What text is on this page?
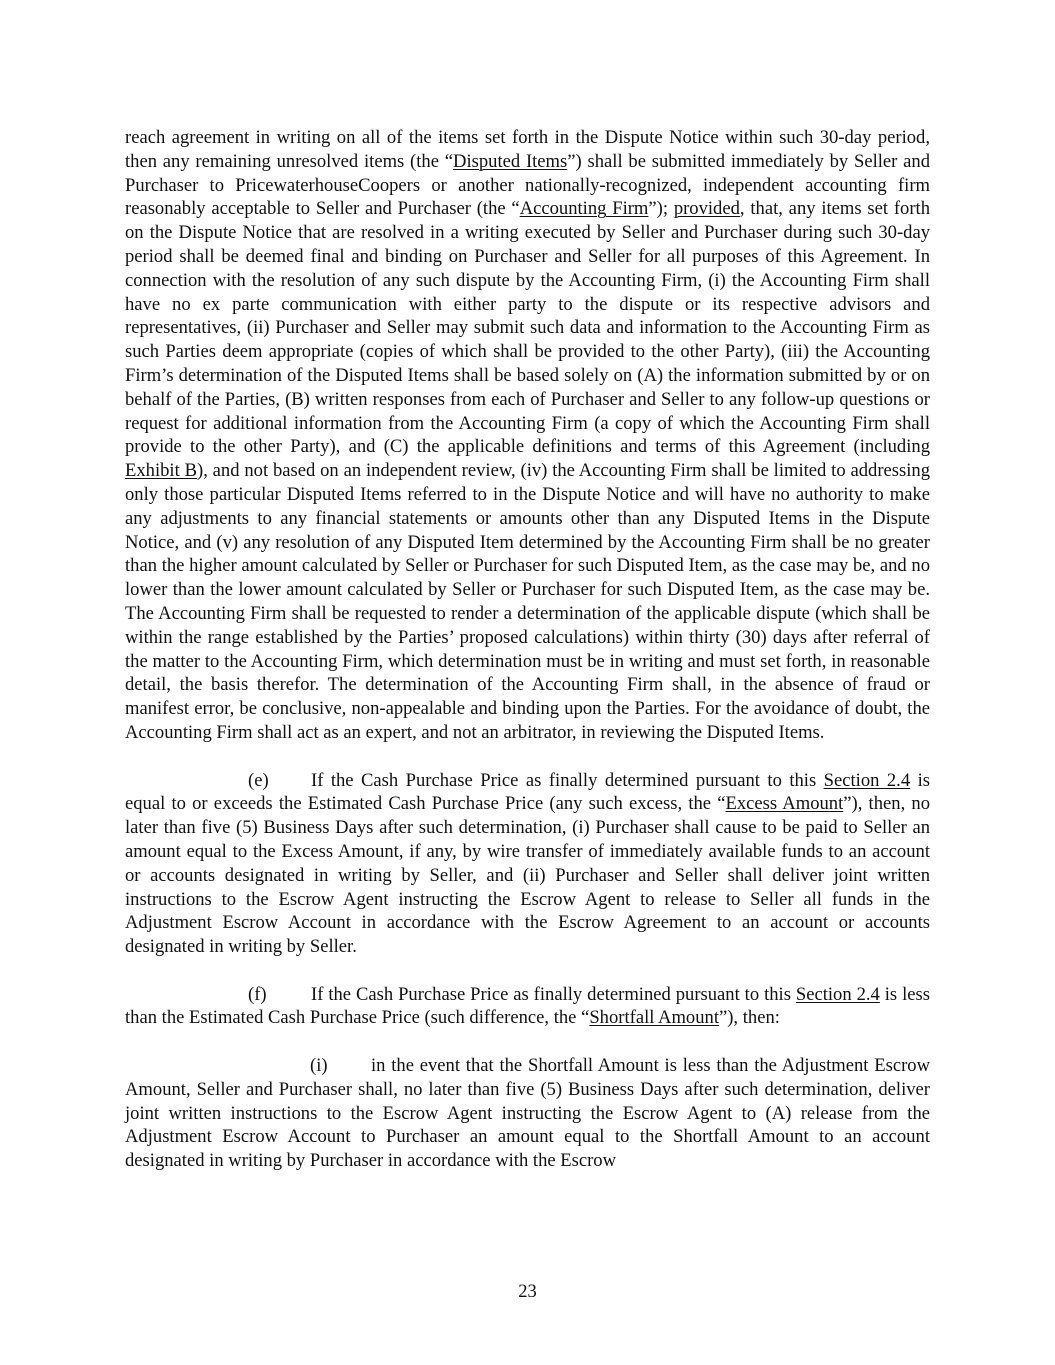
reach agreement in writing on all of the items set forth in the Dispute Notice within such 30-day period, then any remaining unresolved items (the “Disputed Items”) shall be submitted immediately by Seller and Purchaser to PricewaterhouseCoopers or another nationally-recognized, independent accounting firm reasonably acceptable to Seller and Purchaser (the “Accounting Firm”); provided, that, any items set forth on the Dispute Notice that are resolved in a writing executed by Seller and Purchaser during such 30-day period shall be deemed final and binding on Purchaser and Seller for all purposes of this Agreement. In connection with the resolution of any such dispute by the Accounting Firm, (i) the Accounting Firm shall have no ex parte communication with either party to the dispute or its respective advisors and representatives, (ii) Purchaser and Seller may submit such data and information to the Accounting Firm as such Parties deem appropriate (copies of which shall be provided to the other Party), (iii) the Accounting Firm’s determination of the Disputed Items shall be based solely on (A) the information submitted by or on behalf of the Parties, (B) written responses from each of Purchaser and Seller to any follow-up questions or request for additional information from the Accounting Firm (a copy of which the Accounting Firm shall provide to the other Party), and (C) the applicable definitions and terms of this Agreement (including Exhibit B), and not based on an independent review, (iv) the Accounting Firm shall be limited to addressing only those particular Disputed Items referred to in the Dispute Notice and will have no authority to make any adjustments to any financial statements or amounts other than any Disputed Items in the Dispute Notice, and (v) any resolution of any Disputed Item determined by the Accounting Firm shall be no greater than the higher amount calculated by Seller or Purchaser for such Disputed Item, as the case may be, and no lower than the lower amount calculated by Seller or Purchaser for such Disputed Item, as the case may be. The Accounting Firm shall be requested to render a determination of the applicable dispute (which shall be within the range established by the Parties’ proposed calculations) within thirty (30) days after referral of the matter to the Accounting Firm, which determination must be in writing and must set forth, in reasonable detail, the basis therefor. The determination of the Accounting Firm shall, in the absence of fraud or manifest error, be conclusive, non-appealable and binding upon the Parties. For the avoidance of doubt, the Accounting Firm shall act as an expert, and not an arbitrator, in reviewing the Disputed Items.

(e) If the Cash Purchase Price as finally determined pursuant to this Section 2.4 is equal to or exceeds the Estimated Cash Purchase Price (any such excess, the “Excess Amount”), then, no later than five (5) Business Days after such determination, (i) Purchaser shall cause to be paid to Seller an amount equal to the Excess Amount, if any, by wire transfer of immediately available funds to an account or accounts designated in writing by Seller, and (ii) Purchaser and Seller shall deliver joint written instructions to the Escrow Agent instructing the Escrow Agent to release to Seller all funds in the Adjustment Escrow Account in accordance with the Escrow Agreement to an account or accounts designated in writing by Seller.

(f) If the Cash Purchase Price as finally determined pursuant to this Section 2.4 is less than the Estimated Cash Purchase Price (such difference, the “Shortfall Amount”), then:

(i) in the event that the Shortfall Amount is less than the Adjustment Escrow Amount, Seller and Purchaser shall, no later than five (5) Business Days after such determination, deliver joint written instructions to the Escrow Agent instructing the Escrow Agent to (A) release from the Adjustment Escrow Account to Purchaser an amount equal to the Shortfall Amount to an account designated in writing by Purchaser in accordance with the Escrow

23
